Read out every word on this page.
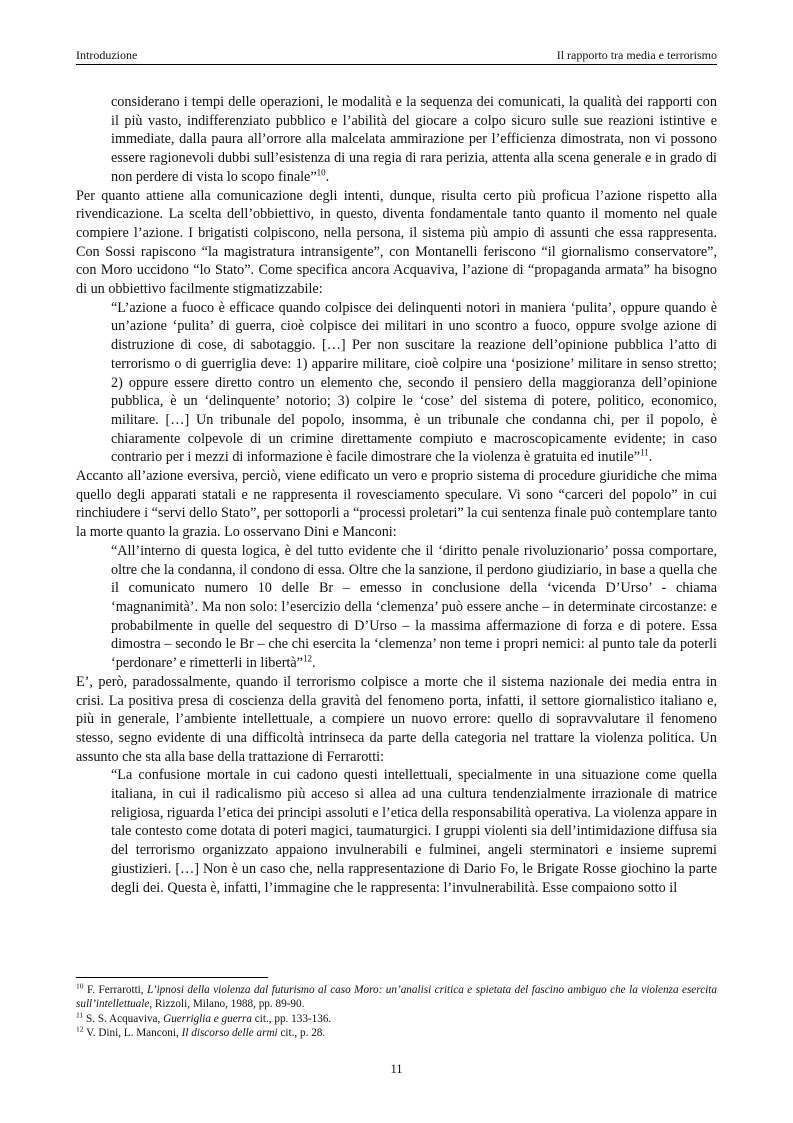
Introduzione	Il rapporto tra media e terrorismo

considerano i tempi delle operazioni, le modalità e la sequenza dei comunicati, la qualità dei rapporti con il più vasto, indifferenziato pubblico e l’abilità del giocare a colpo sicuro sulle sue reazioni istintive e immediate, dalla paura all’orrore alla malcelata ammirazione per l’efficienza dimostrata, non vi possono essere ragionevoli dubbi sull’esistenza di una regia di rara perizia, attenta alla scena generale e in grado di non perdere di vista lo scopo finale”$^{10}$.

Per quanto attiene alla comunicazione degli intenti, dunque, risulta certo più proficua l’azione rispetto alla rivendicazione. La scelta dell’obbiettivo, in questo, diventa fondamentale tanto quanto il momento nel quale compiere l’azione. I brigatisti colpiscono, nella persona, il sistema più ampio di assunti che essa rappresenta. Con Sossi rapiscono “la magistratura intransigente”, con Montanelli feriscono “il giornalismo conservatore”, con Moro uccidono “lo Stato”. Come specifica ancora Acquaviva, l’azione di “propaganda armata” ha bisogno di un obbiettivo facilmente stigmatizzabile:

“L’azione a fuoco è efficace quando colpisce dei delinquenti notori in maniera ‘pulita’, oppure quando è un’azione ‘pulita’ di guerra, cioè colpisce dei militari in uno scontro a fuoco, oppure svolge azione di distruzione di cose, di sabotaggio. […] Per non suscitare la reazione dell’opinione pubblica l’atto di terrorismo o di guerriglia deve: 1) apparire militare, cioè colpire una ‘posizione’ militare in senso stretto; 2) oppure essere diretto contro un elemento che, secondo il pensiero della maggioranza dell’opinione pubblica, è un ‘delinquente’ notorio; 3) colpire le ‘cose’ del sistema di potere, politico, economico, militare. […] Un tribunale del popolo, insomma, è un tribunale che condanna chi, per il popolo, è chiaramente colpevole di un crimine direttamente compiuto e macroscopicamente evidente; in caso contrario per i mezzi di informazione è facile dimostrare che la violenza è gratuita ed inutile”$^{11}$.

Accanto all’azione eversiva, perciò, viene edificato un vero e proprio sistema di procedure giuridiche che mima quello degli apparati statali e ne rappresenta il rovesciamento speculare. Vi sono “carceri del popolo” in cui rinchiudere i “servi dello Stato”, per sottoporli a “processi proletari” la cui sentenza finale può contemplare tanto la morte quanto la grazia. Lo osservano Dini e Manconi:

“All’interno di questa logica, è del tutto evidente che il ‘diritto penale rivoluzionario’ possa comportare, oltre che la condanna, il condono di essa. Oltre che la sanzione, il perdono giudiziario, in base a quella che il comunicato numero 10 delle Br – emesso in conclusione della ‘vicenda D’Urso’ - chiama ‘magnanimità’. Ma non solo: l’esercizio della ‘clemenza’ può essere anche – in determinate circostanze: e probabilmente in quelle del sequestro di D’Urso – la massima affermazione di forza e di potere. Essa dimostra – secondo le Br – che chi esercita la ‘clemenza’ non teme i propri nemici: al punto tale da poterli ‘perdonare’ e rimetterli in libertà”$^{12}$.

E’, però, paradossalmente, quando il terrorismo colpisce a morte che il sistema nazionale dei media entra in crisi. La positiva presa di coscienza della gravità del fenomeno porta, infatti, il settore giornalistico italiano e, più in generale, l’ambiente intellettuale, a compiere un nuovo errore: quello di sopravvalutare il fenomeno stesso, segno evidente di una difficoltà intrinseca da parte della categoria nel trattare la violenza politica. Un assunto che sta alla base della trattazione di Ferrarotti:

“La confusione mortale in cui cadono questi intellettuali, specialmente in una situazione come quella italiana, in cui il radicalismo più acceso si allea ad una cultura tendenzialmente irrazionale di matrice religiosa, riguarda l’etica dei principi assoluti e l’etica della responsabilità operativa. La violenza appare in tale contesto come dotata di poteri magici, taumaturgici. I gruppi violenti sia dell’intimidazione diffusa sia del terrorismo organizzato appaiono invulnerabili e fulminei, angeli sterminatori e insieme supremi giustizieri. […] Non è un caso che, nella rappresentazione di Dario Fo, le Brigate Rosse giochino la parte degli dei. Questa è, infatti, l’immagine che le rappresenta: l’invulnerabilità. Esse compaiono sotto il

$^{10}$ F. Ferrarotti, L’ipnosi della violenza dal futurismo al caso Moro: un’analisi critica e spietata del fascino ambiguo che la violenza esercita sull’intellettuale, Rizzoli, Milano, 1988, pp. 89-90.

$^{11}$ S. S. Acquaviva, Guerriglia e guerra cit., pp. 133-136.

$^{12}$ V. Dini, L. Manconi, Il discorso delle armi cit., p. 28.

11
